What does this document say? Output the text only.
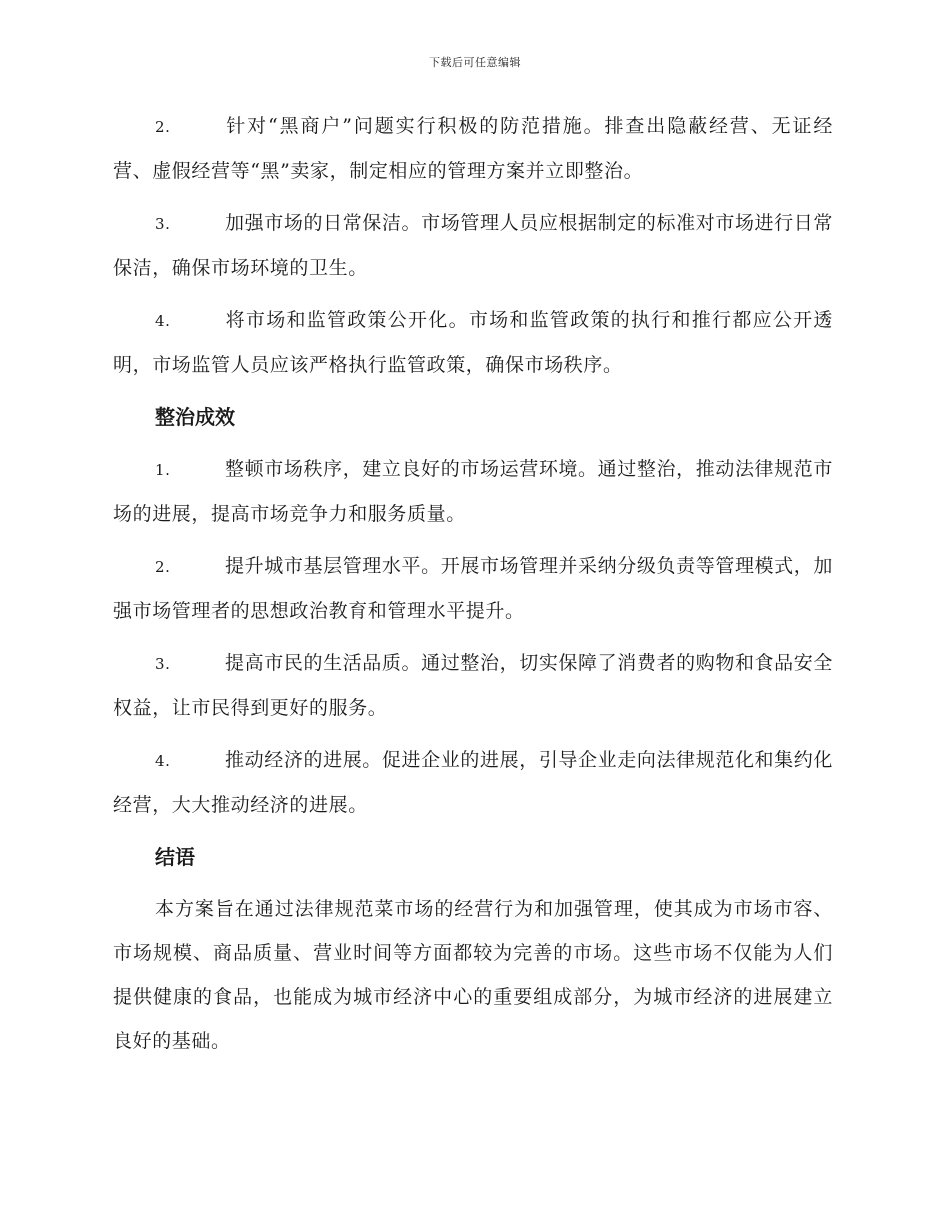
下载后可任意编辑

2.	针对“黑商户”问题实行积极的防范措施。排查出隐蔽经营、无证经营、虚假经营等“黑”卖家，制定相应的管理方案并立即整治。

3.	加强市场的日常保洁。市场管理人员应根据制定的标准对市场进行日常保洁，确保市场环境的卫生。

4.	将市场和监管政策公开化。市场和监管政策的执行和推行都应公开透明，市场监管人员应该严格执行监管政策，确保市场秩序。

整治成效

1.	整顿市场秩序，建立良好的市场运营环境。通过整治，推动法律规范市场的进展，提高市场竞争力和服务质量。

2.	提升城市基层管理水平。开展市场管理并采纳分级负责等管理模式，加强市场管理者的思想政治教育和管理水平提升。

3.	提高市民的生活品质。通过整治，切实保障了消费者的购物和食品安全权益，让市民得到更好的服务。

4.	推动经济的进展。促进企业的进展，引导企业走向法律规范化和集约化经营，大大推动经济的进展。

结语

本方案旨在通过法律规范菜市场的经营行为和加强管理，使其成为市场市容、市场规模、商品质量、营业时间等方面都较为完善的市场。这些市场不仅能为人们提供健康的食品，也能成为城市经济中心的重要组成部分，为城市经济的进展建立良好的基础。
